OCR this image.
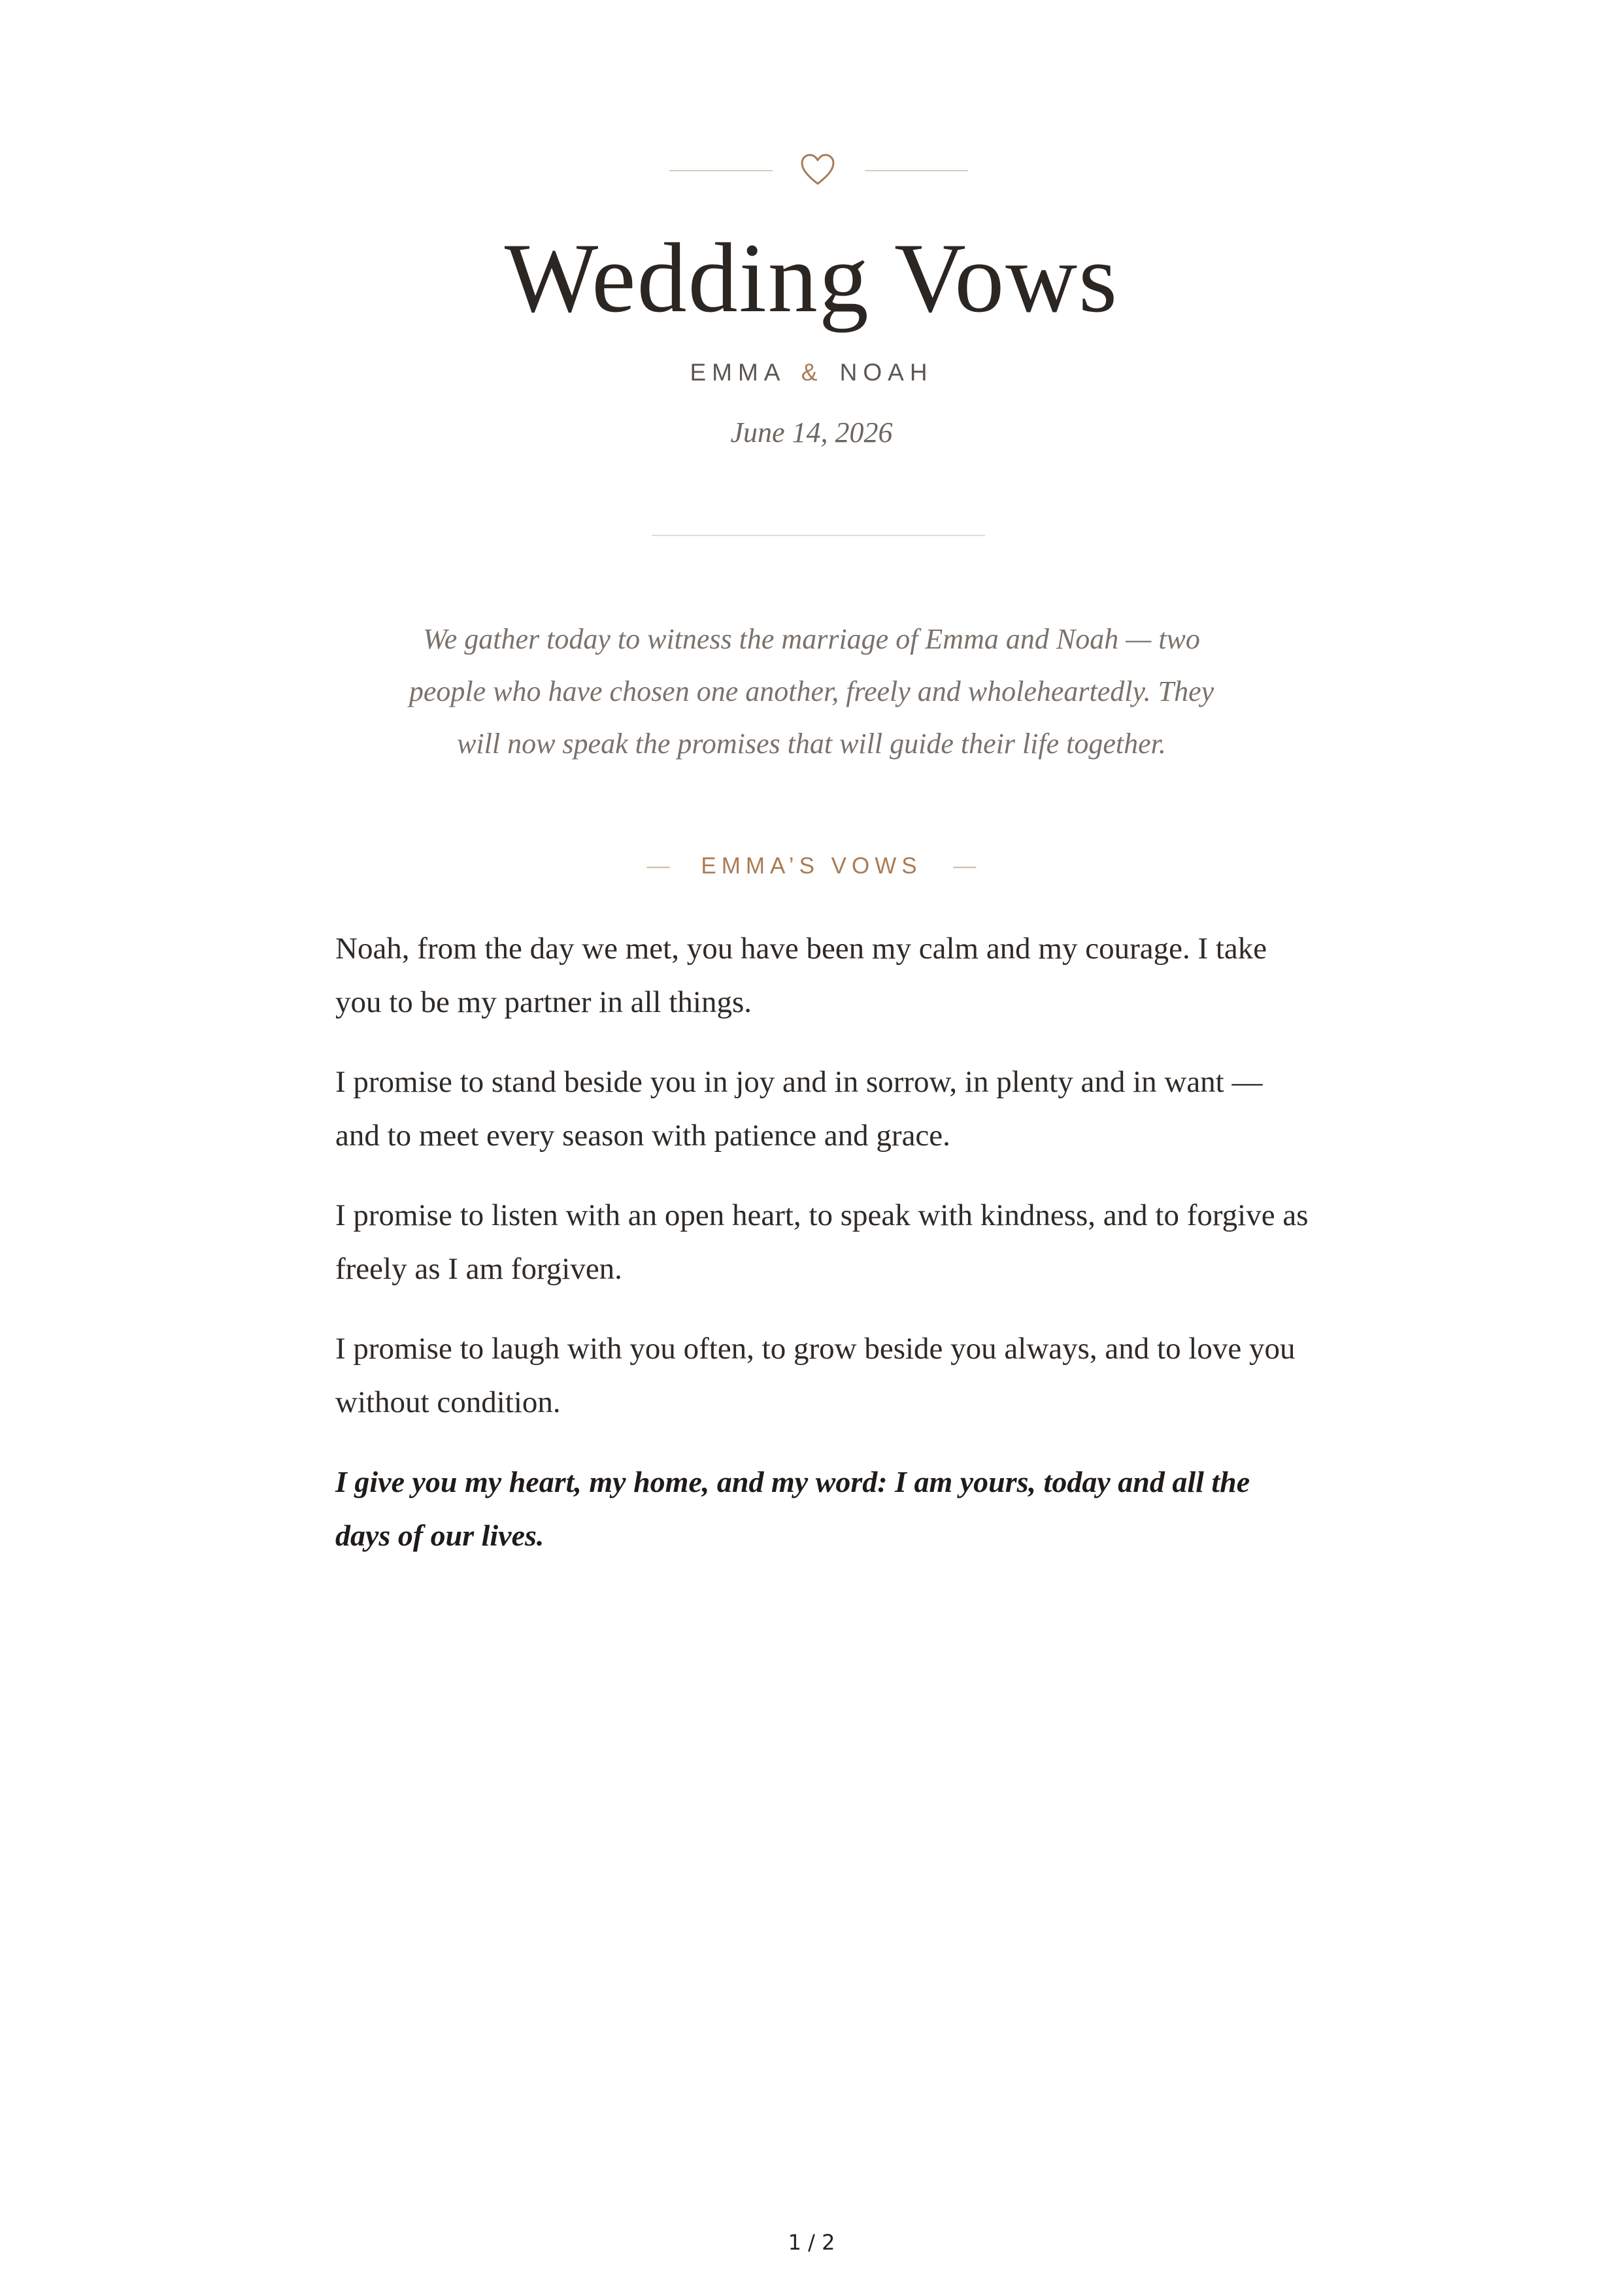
Wedding Vows
EMMA & NOAH
June 14, 2026

We gather today to witness the marriage of Emma and Noah — two people who have chosen one another, freely and wholeheartedly. They will now speak the promises that will guide their life together.

— EMMA’S VOWS —

Noah, from the day we met, you have been my calm and my courage. I take you to be my partner in all things.

I promise to stand beside you in joy and in sorrow, in plenty and in want — and to meet every season with patience and grace.

I promise to listen with an open heart, to speak with kindness, and to forgive as freely as I am forgiven.

I promise to laugh with you often, to grow beside you always, and to love you without condition.

I give you my heart, my home, and my word: I am yours, today and all the days of our lives.

1 / 2
